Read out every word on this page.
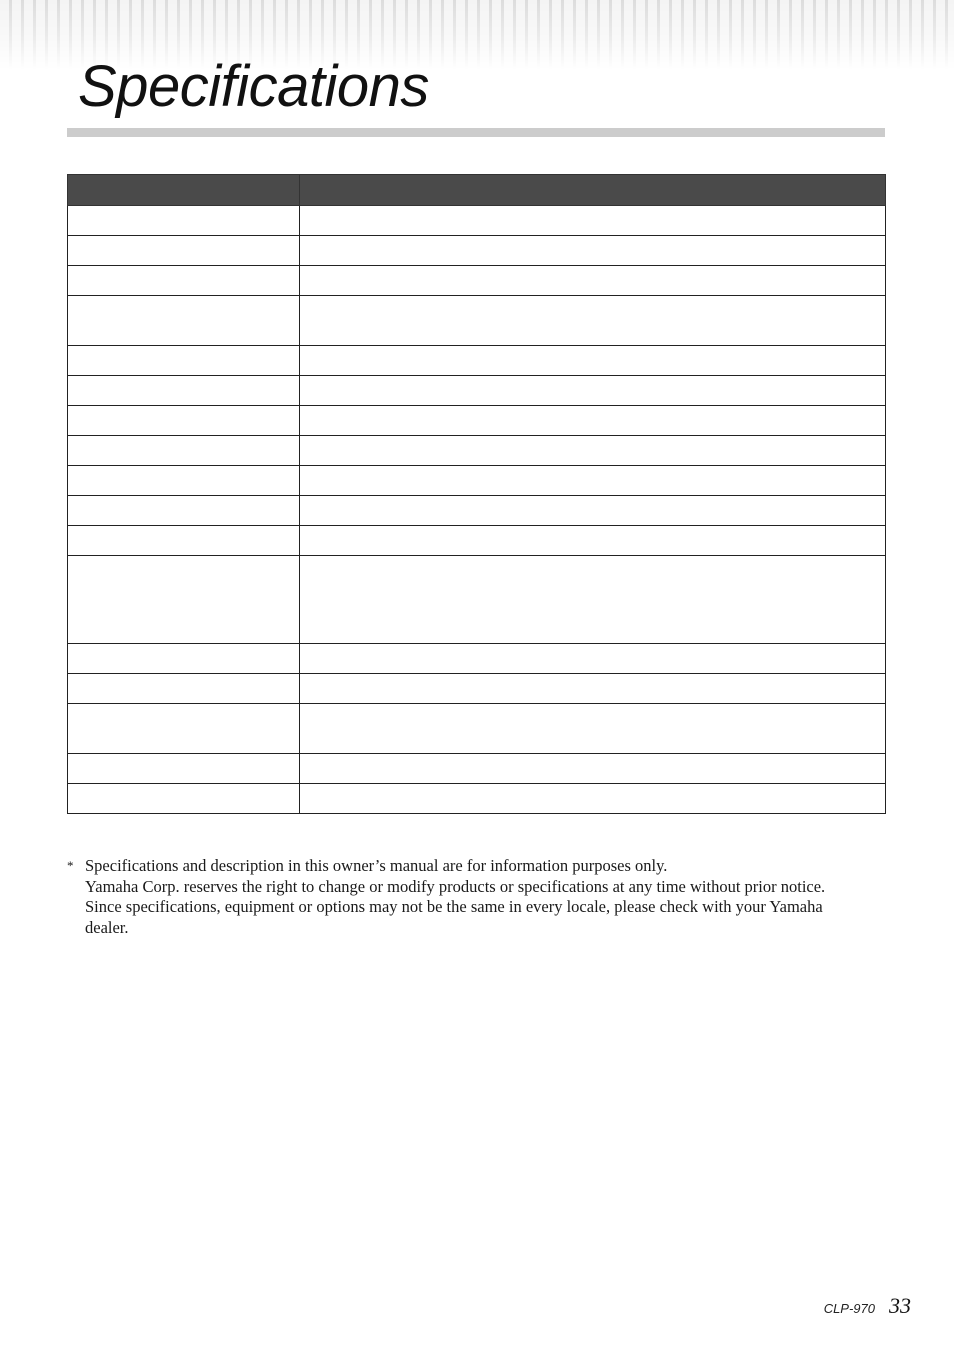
Specifications

* Specifications and description in this owner’s manual are for information purposes only.
Yamaha Corp. reserves the right to change or modify products or specifications at any time without prior notice.
Since specifications, equipment or options may not be the same in every locale, please check with your Yamaha
dealer.
CLP-970 33
